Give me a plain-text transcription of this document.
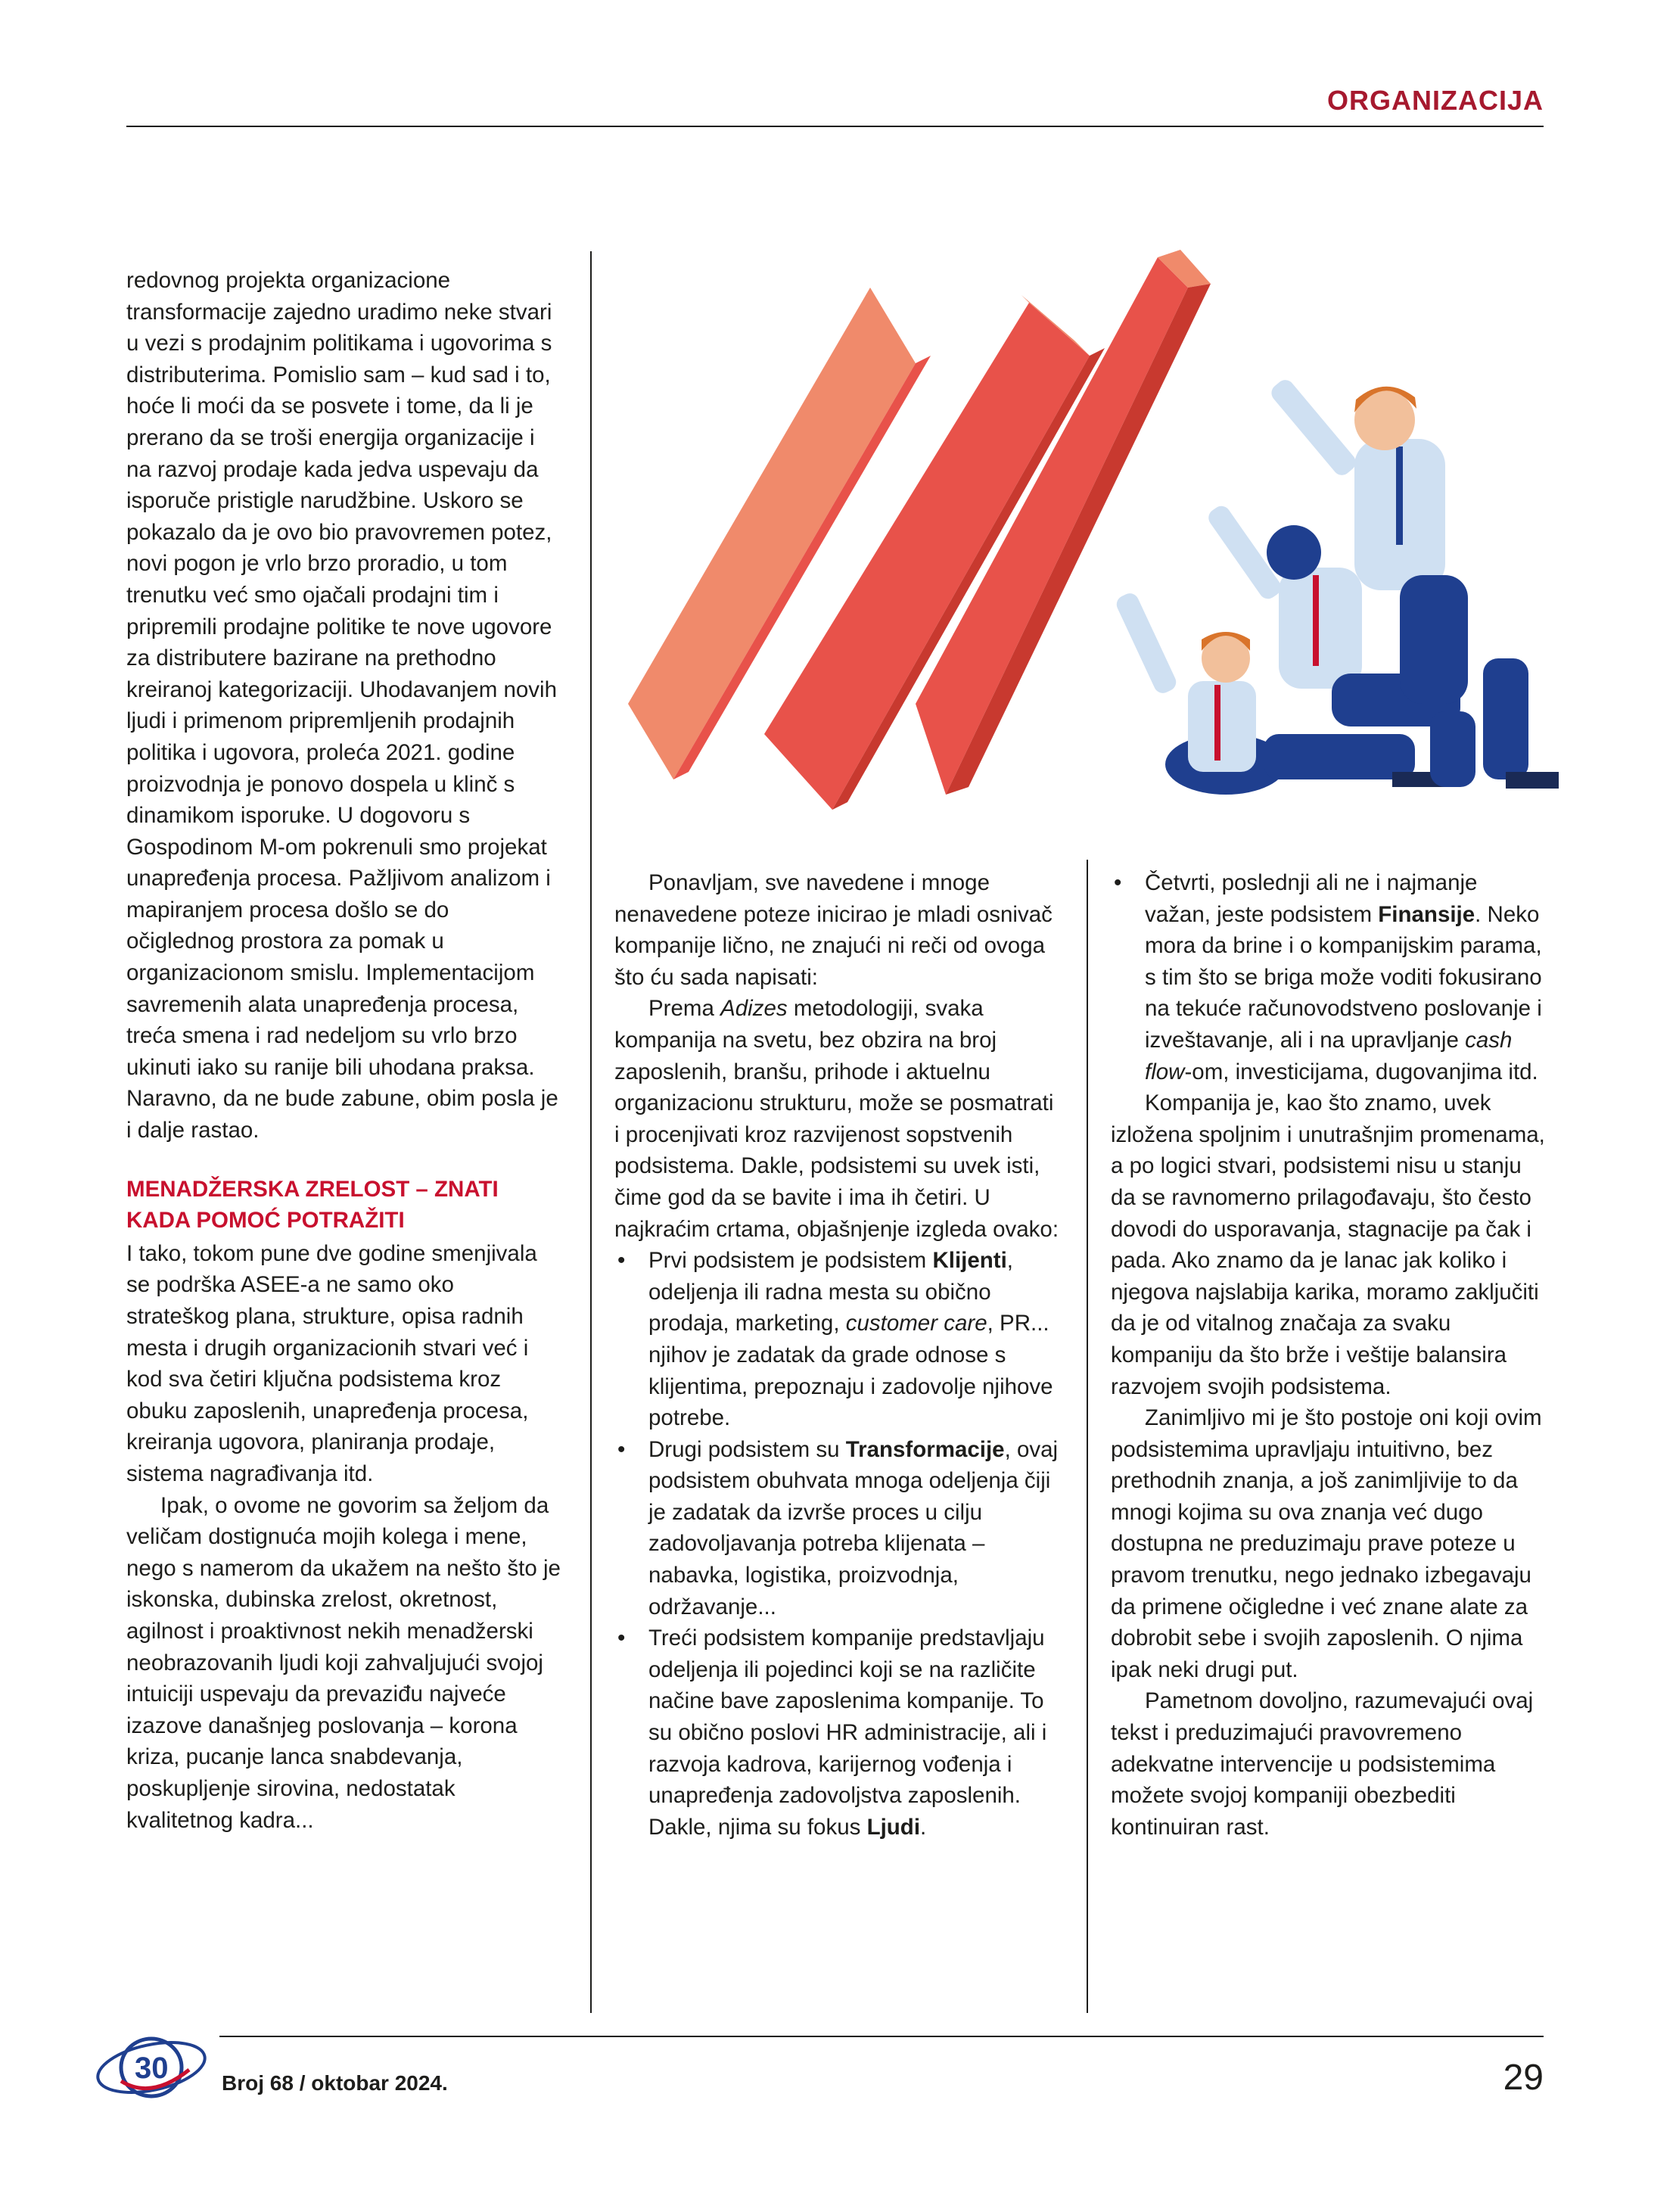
ORGANIZACIJA

redovnog projekta organizacione transformacije zajedno uradimo neke stvari u vezi s prodajnim politikama i ugovorima s distributerima. Pomislio sam – kud sad i to, hoće li moći da se posvete i tome, da li je prerano da se troši energija organizacije i na razvoj prodaje kada jedva uspevaju da isporuče pristigle narudžbine. Uskoro se pokazalo da je ovo bio pravovremen potez, novi pogon je vrlo brzo proradio, u tom trenutku već smo ojačali prodajni tim i pripremili prodajne politike te nove ugovore za distributere bazirane na prethodno kreiranoj kategorizaciji. Uhodavanjem novih ljudi i primenom pripremljenih prodajnih politika i ugovora, proleća 2021. godine proizvodnja je ponovo dospela u klinč s dinamikom isporuke. U dogovoru s Gospodinom M-om pokrenuli smo projekat unapređenja procesa. Pažljivom analizom i mapiranjem procesa došlo se do očiglednog prostora za pomak u organizacionom smislu. Implementacijom savremenih alata unapređenja procesa, treća smena i rad nedeljom su vrlo brzo ukinuti iako su ranije bili uhodana praksa. Naravno, da ne bude zabune, obim posla je i dalje rastao.

MENADŽERSKA ZRELOST – ZNATI KADA POMOĆ POTRAŽITI

I tako, tokom pune dve godine smenjivala se podrška ASEE-a ne samo oko strateškog plana, strukture, opisa radnih mesta i drugih organizacionih stvari već i kod sva četiri ključna podsistema kroz obuku zaposlenih, unapređenja procesa, kreiranja ugovora, planiranja prodaje, sistema nagrađivanja itd.

Ipak, o ovome ne govorim sa željom da veličam dostignuća mojih kolega i mene, nego s namerom da ukažem na nešto što je iskonska, dubinska zrelost, okretnost, agilnost i proaktivnost nekih menadžerski neobrazovanih ljudi koji zahvaljujući svojoj intuiciji uspevaju da prevaziđu najveće izazove današnjeg poslovanja – korona kriza, pucanje lanca snabdevanja, poskupljenje sirovina, nedostatak kvalitetnog kadra...

Ponavljam, sve navedene i mnoge nenavedene poteze inicirao je mladi osnivač kompanije lično, ne znajući ni reči od ovoga što ću sada napisati:

Prema Adizes metodologiji, svaka kompanija na svetu, bez obzira na broj zaposlenih, branšu, prihode i aktuelnu organizacionu strukturu, može se posmatrati i procenjivati kroz razvijenost sopstvenih podsistema. Dakle, podsistemi su uvek isti, čime god da se bavite i ima ih četiri. U najkraćim crtama, objašnjenje izgleda ovako:

• Prvi podsistem je podsistem Klijenti, odeljenja ili radna mesta su obično prodaja, marketing, customer care, PR... njihov je zadatak da grade odnose s klijentima, prepoznaju i zadovolje njihove potrebe.
• Drugi podsistem su Transformacije, ovaj podsistem obuhvata mnoga odeljenja čiji je zadatak da izvrše proces u cilju zadovoljavanja potreba klijenata – nabavka, logistika, proizvodnja, održavanje...
• Treći podsistem kompanije predstavljaju odeljenja ili pojedinci koji se na različite načine bave zaposlenima kompanije. To su obično poslovi HR administracije, ali i razvoja kadrova, karijernog vođenja i unapređenja zadovoljstva zaposlenih. Dakle, njima su fokus Ljudi.
• Četvrti, poslednji ali ne i najmanje važan, jeste podsistem Finansije. Neko mora da brine i o kompanijskim parama, s tim što se briga može voditi fokusirano na tekuće računovodstveno poslovanje i izveštavanje, ali i na upravljanje cash flow-om, investicijama, dugovanjima itd.

Kompanija je, kao što znamo, uvek izložena spoljnim i unutrašnjim promenama, a po logici stvari, podsistemi nisu u stanju da se ravnomerno prilagođavaju, što često dovodi do usporavanja, stagnacije pa čak i pada. Ako znamo da je lanac jak koliko i njegova najslabija karika, moramo zaključiti da je od vitalnog značaja za svaku kompaniju da što brže i veštije balansira razvojem svojih podsistema.

Zanimljivo mi je što postoje oni koji ovim podsistemima upravljaju intuitivno, bez prethodnih znanja, a još zanimljivije to da mnogi kojima su ova znanja već dugo dostupna ne preduzimaju prave poteze u pravom trenutku, nego jednako izbegavaju da primene očigledne i već znane alate za dobrobit sebe i svojih zaposlenih. O njima ipak neki drugi put.

Pametnom dovoljno, razumevajući ovaj tekst i preduzimajući pravovremeno adekvatne intervencije u podsistemima možete svojoj kompaniji obezbediti kontinuiran rast.

30	Broj 68 / oktobar 2024.	29
